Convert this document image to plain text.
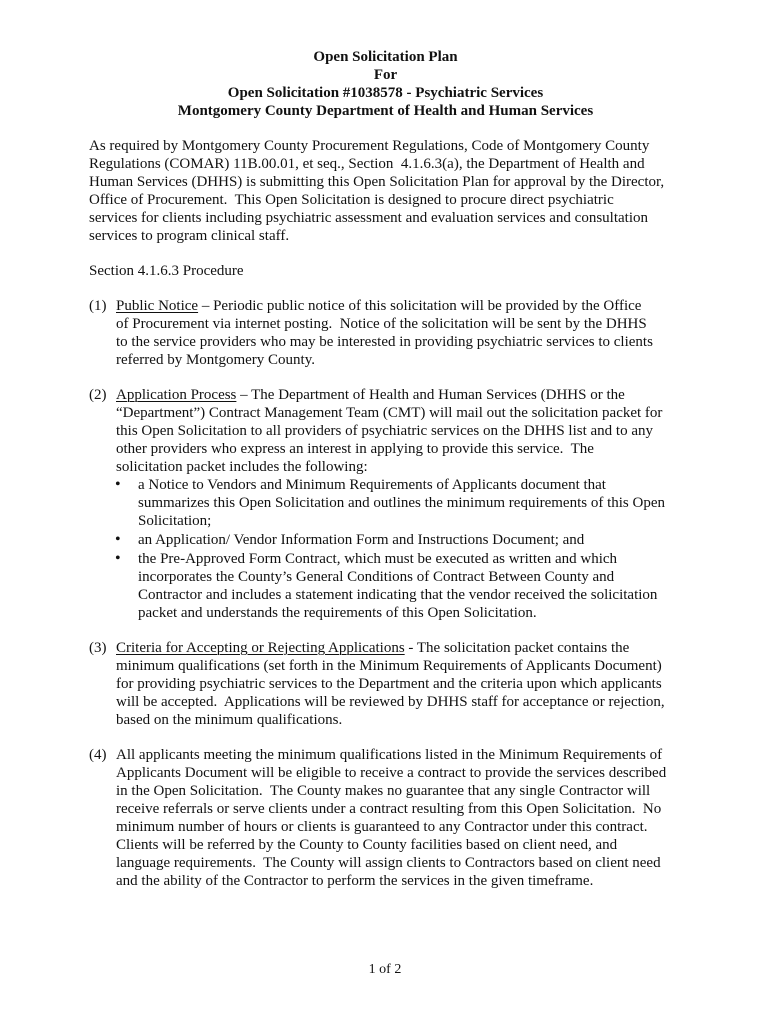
Open Solicitation Plan
For
Open Solicitation #1038578 - Psychiatric Services
Montgomery County Department of Health and Human Services
As required by Montgomery County Procurement Regulations, Code of Montgomery County
Regulations (COMAR) 11B.00.01, et seq., Section  4.1.6.3(a), the Department of Health and
Human Services (DHHS) is submitting this Open Solicitation Plan for approval by the Director,
Office of Procurement.  This Open Solicitation is designed to procure direct psychiatric
services for clients including psychiatric assessment and evaluation services and consultation
services to program clinical staff.
Section 4.1.6.3 Procedure
(1) Public Notice – Periodic public notice of this solicitation will be provided by the Office
of Procurement via internet posting.  Notice of the solicitation will be sent by the DHHS
to the service providers who may be interested in providing psychiatric services to clients
referred by Montgomery County.
(2) Application Process – The Department of Health and Human Services (DHHS or the
“Department”) Contract Management Team (CMT) will mail out the solicitation packet for
this Open Solicitation to all providers of psychiatric services on the DHHS list and to any
other providers who express an interest in applying to provide this service.  The
solicitation packet includes the following:
• a Notice to Vendors and Minimum Requirements of Applicants document that
summarizes this Open Solicitation and outlines the minimum requirements of this Open
Solicitation;
• an Application/ Vendor Information Form and Instructions Document; and
• the Pre-Approved Form Contract, which must be executed as written and which
incorporates the County’s General Conditions of Contract Between County and
Contractor and includes a statement indicating that the vendor received the solicitation
packet and understands the requirements of this Open Solicitation.
(3) Criteria for Accepting or Rejecting Applications - The solicitation packet contains the
minimum qualifications (set forth in the Minimum Requirements of Applicants Document)
for providing psychiatric services to the Department and the criteria upon which applicants
will be accepted.  Applications will be reviewed by DHHS staff for acceptance or rejection,
based on the minimum qualifications.
(4) All applicants meeting the minimum qualifications listed in the Minimum Requirements of
Applicants Document will be eligible to receive a contract to provide the services described
in the Open Solicitation.  The County makes no guarantee that any single Contractor will
receive referrals or serve clients under a contract resulting from this Open Solicitation.  No
minimum number of hours or clients is guaranteed to any Contractor under this contract.
Clients will be referred by the County to County facilities based on client need, and
language requirements.  The County will assign clients to Contractors based on client need
and the ability of the Contractor to perform the services in the given timeframe.
1 of 2
